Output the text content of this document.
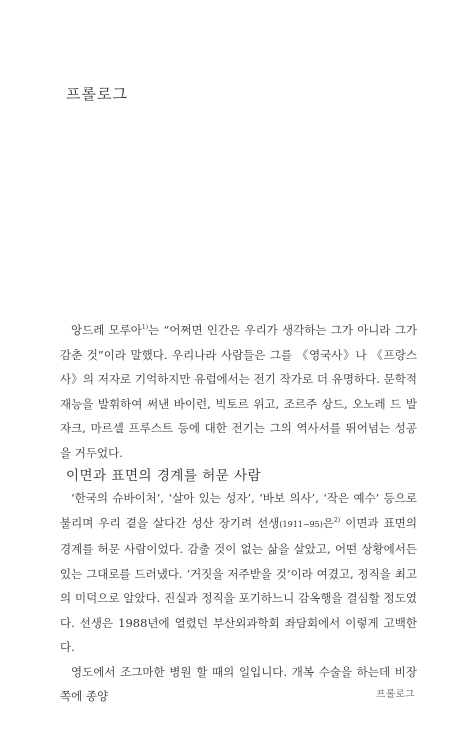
프롤로그

앙드레 모루아$^{1)}$는 “어쩌면 인간은 우리가 생각하는 그가 아니라 그가 감춘 것”이라 말했다. 우리나라 사람들은 그를 《영국사》나 《프랑스사》의 저자로 기억하지만 유럽에서는 전기 작가로 더 유명하다. 문학적 재능을 발휘하여 써낸 바이런, 빅토르 위고, 조르주 상드, 오노레 드 발자크, 마르셀 프루스트 등에 대한 전기는 그의 역사서를 뛰어넘는 성공을 거두었다.

이면과 표면의 경계를 허문 사람

‘한국의 슈바이처’, ‘살아 있는 성자’, ‘바보 의사’, ‘작은 예수’ 등으로 불리며 우리 곁을 살다간 성산 장기려 선생(1911~95)은$^{2)}$ 이면과 표면의 경계를 허문 사람이었다. 감출 것이 없는 삶을 살았고, 어떤 상황에서든 있는 그대로를 드러냈다. ‘거짓을 저주받을 것’이라 여겼고, 정직을 최고의 미덕으로 알았다. 진실과 정직을 포기하느니 감옥행을 결심할 정도였다. 선생은 1988년에 열렸던 부산외과학회 좌담회에서 이렇게 고백한다.

영도에서 조그마한 병원 할 때의 일입니다. 개복 수술을 하는데 비장 쪽에 종양	프롤로그
